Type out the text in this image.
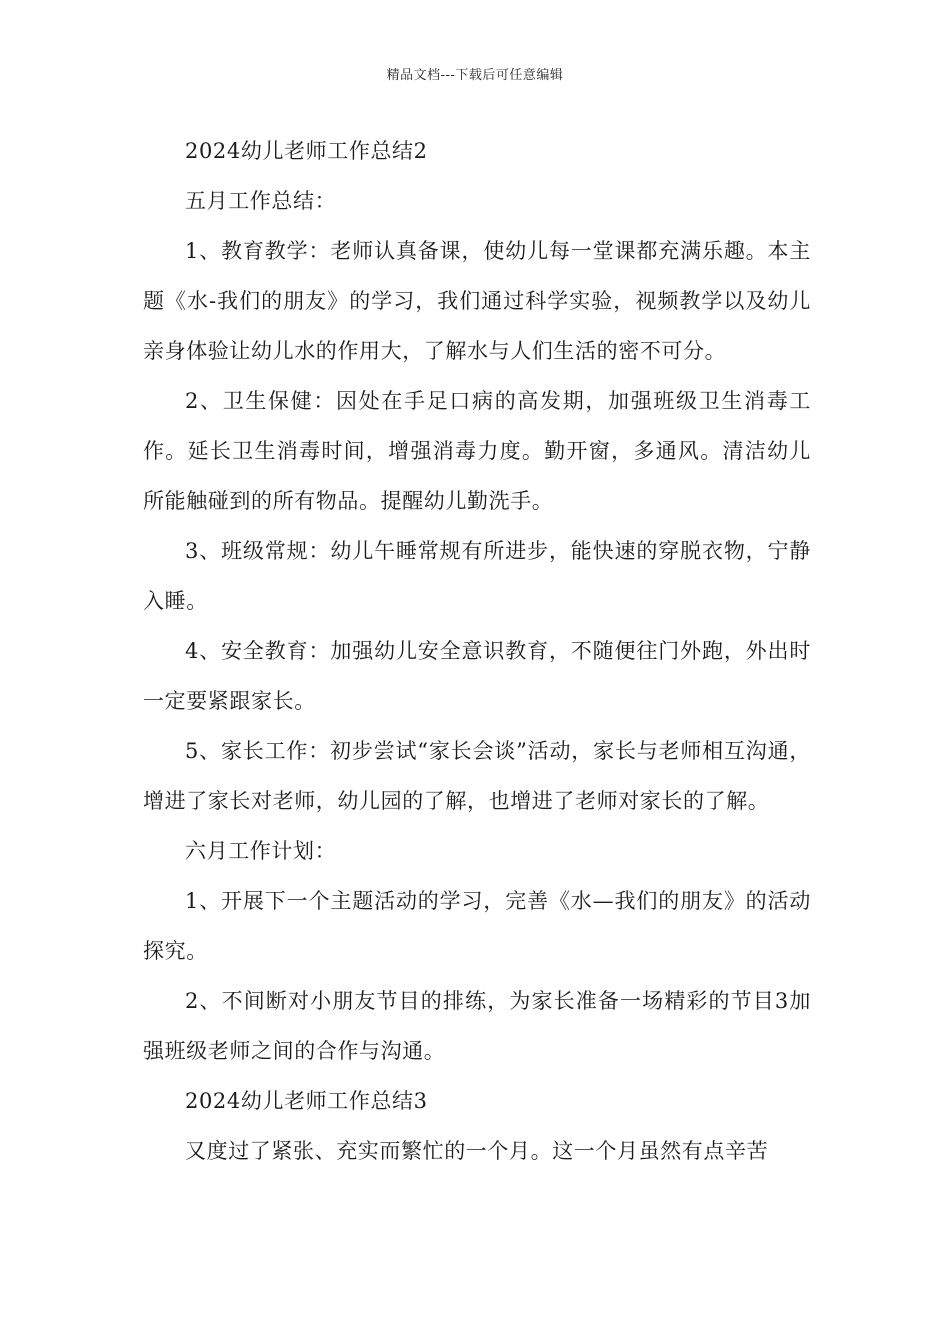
精品文档---下载后可任意编辑

2024幼儿老师工作总结2

五月工作总结：

1、教育教学：老师认真备课，使幼儿每一堂课都充满乐趣。本主题《水-我们的朋友》的学习，我们通过科学实验，视频教学以及幼儿亲身体验让幼儿水的作用大，了解水与人们生活的密不可分。

2、卫生保健：因处在手足口病的高发期，加强班级卫生消毒工作。延长卫生消毒时间，增强消毒力度。勤开窗，多通风。清洁幼儿所能触碰到的所有物品。提醒幼儿勤洗手。

3、班级常规：幼儿午睡常规有所进步，能快速的穿脱衣物，宁静入睡。

4、安全教育：加强幼儿安全意识教育，不随便往门外跑，外出时一定要紧跟家长。

5、家长工作：初步尝试“家长会谈”活动，家长与老师相互沟通，增进了家长对老师，幼儿园的了解，也增进了老师对家长的了解。

六月工作计划：

1、开展下一个主题活动的学习，完善《水—我们的朋友》的活动探究。

2、不间断对小朋友节目的排练，为家长准备一场精彩的节目3加强班级老师之间的合作与沟通。

2024幼儿老师工作总结3

又度过了紧张、充实而繁忙的一个月。这一个月虽然有点辛苦
